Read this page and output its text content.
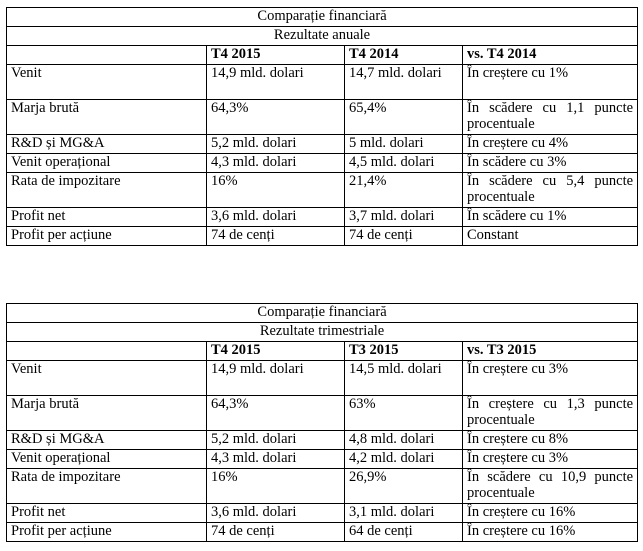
Comparație financiară			
Rezultate anuale			
	T4 2015	T4 2014	vs. T4 2014
Venit	14,9 mld. dolari	14,7 mld. dolari	În creștere cu 1%
Marja brută	64,3%	65,4%	În scădere cu 1,1 puncte procentuale
R&D și MG&A	5,2 mld. dolari	5 mld. dolari	În creștere cu 4%
Venit operațional	4,3 mld. dolari	4,5 mld. dolari	În scădere cu 3%
Rata de impozitare	16%	21,4%	În scădere cu 5,4 puncte procentuale
Profit net	3,6 mld. dolari	3,7 mld. dolari	În scădere cu 1%
Profit per acțiune	74 de cenți	74 de cenți	Constant
Comparație financiară			
Rezultate trimestriale			
	T4 2015	T3 2015	vs. T3 2015
Venit	14,9 mld. dolari	14,5 mld. dolari	În creștere cu 3%
Marja brută	64,3%	63%	În creștere cu 1,3 puncte procentuale
R&D și MG&A	5,2 mld. dolari	4,8 mld. dolari	În creștere cu 8%
Venit operațional	4,3 mld. dolari	4,2 mld. dolari	În creștere cu 3%
Rata de impozitare	16%	26,9%	În scădere cu 10,9 puncte procentuale
Profit net	3,6 mld. dolari	3,1 mld. dolari	În creștere cu 16%
Profit per acțiune	74 de cenți	64 de cenți	În creștere cu 16%
